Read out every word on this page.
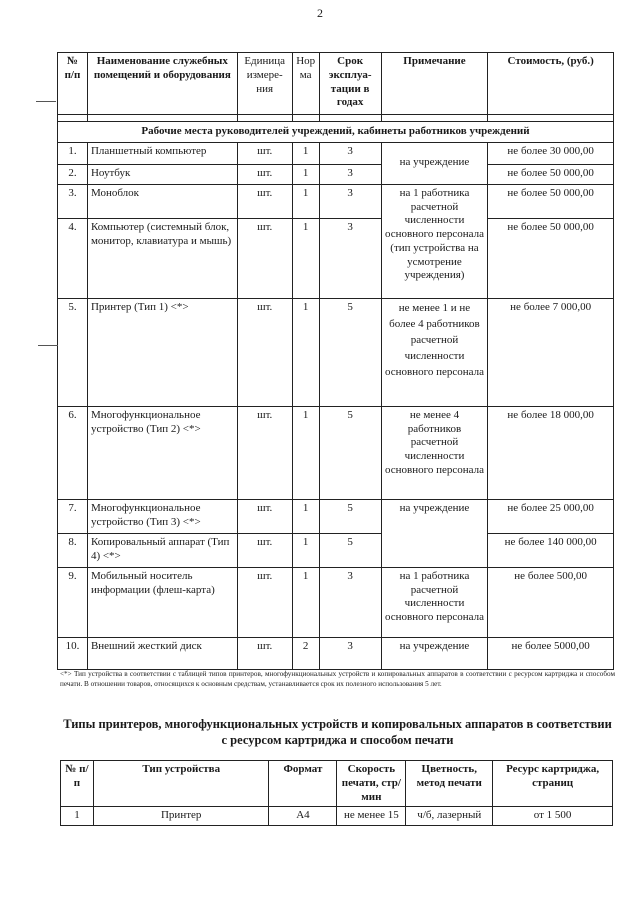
2
№ п/п	Наименование служебных помещений и оборудования	Единица измере-ния	Нор ма	Срок эксплуа-тации в годах	Примечание	Стоимость, (руб.)

Рабочие места руководителей учреждений, кабинеты работников учреждений						
1.	Планшетный компьютер	шт.	1	3	на учреждение	не более 30 000,00
2.	Ноутбук	шт.	1	3		не более 50 000,00
3.	Моноблок	шт.	1	3	на 1 работника расчетной численности основного персонала (тип устройства на усмотрение учреждения)	не более 50 000,00
4.	Компьютер (системный блок, монитор, клавиатура и мышь)	шт.	1	3		не более 50 000,00
5.	Принтер (Тип 1) <*>	шт.	1	5	не менее 1 и не более 4 работников расчетной численности основного персонала	не более 7 000,00
6.	Многофункциональное устройство (Тип 2) <*>	шт.	1	5	не менее 4 работников расчетной численности основного персонала	не более 18 000,00
7.	Многофункциональное устройство (Тип 3) <*>	шт.	1	5	на учреждение	не более 25 000,00
8.	Копировальный аппарат (Тип 4) <*>	шт.	1	5		не более 140 000,00
9.	Мобильный носитель информации (флеш-карта)	шт.	1	3	на 1 работника расчетной численности основного персонала	не более 500,00
10.	Внешний жесткий диск	шт.	2	3	на учреждение	не более 5000,00
<*> Тип устройства в соответствии с таблицей типов принтеров, многофункциональных устройств и копировальных аппаратов в соответствии с ресурсом картриджа и способом печати. В отношении товаров, относящихся к основным средствам, устанавливается срок их полезного использования 5 лет.
Типы принтеров, многофункциональных устройств и копировальных аппаратов в соответствии с ресурсом картриджа и способом печати
№ п/п	Тип устройства	Формат	Скорость печати, стр/мин	Цветность, метод печати	Ресурс картриджа, страниц
1	Принтер	А4	не менее 15	ч/б, лазерный	от 1 500
